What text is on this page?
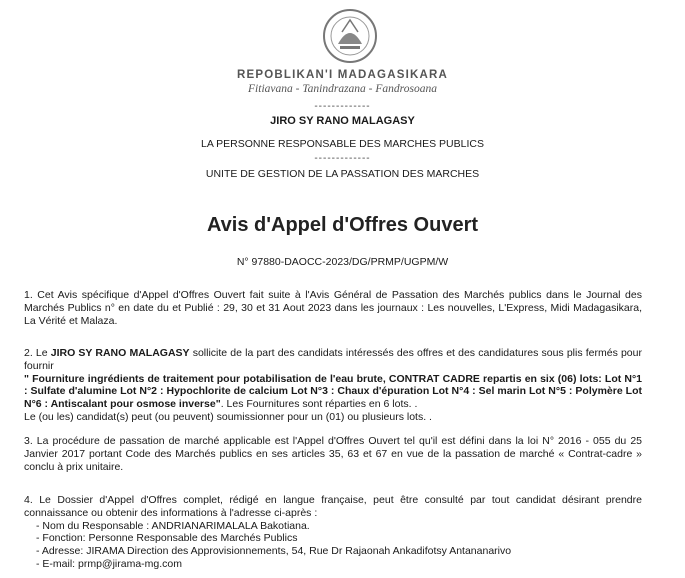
REPOBLIKAN'I MADAGASIKARA
Fitiavana - Tanindrazana - Fandrosoana
-------------
JIRO SY RANO MALAGASY
LA PERSONNE RESPONSABLE DES MARCHES PUBLICS
-------------
UNITE DE GESTION DE LA PASSATION DES MARCHES
Avis d'Appel d'Offres Ouvert
N° 97880-DAOCC-2023/DG/PRMP/UGPM/W
1. Cet Avis spécifique d'Appel d'Offres Ouvert fait suite à l'Avis Général de Passation des Marchés publics dans le Journal des Marchés Publics n° en date du et Publié : 29, 30 et 31 Aout 2023 dans les journaux : Les nouvelles, L'Express, Midi Madagasikara, La Vérité et Malaza.
2. Le JIRO SY RANO MALAGASY sollicite de la part des candidats intéressés des offres et des candidatures sous plis fermés pour fournir
" Fourniture ingrédients de traitement pour potabilisation de l'eau brute, CONTRAT CADRE repartis en six (06) lots: Lot N°1 : Sulfate d'alumine Lot N°2 : Hypochlorite de calcium Lot N°3 : Chaux d'épuration Lot N°4 : Sel marin Lot N°5 : Polymère Lot N°6 : Antiscalant pour osmose inverse". Les Fournitures sont réparties en 6 lots. .
Le (ou les) candidat(s) peut (ou peuvent) soumissionner pour un (01) ou plusieurs lots. .
3. La procédure de passation de marché applicable est l'Appel d'Offres Ouvert tel qu'il est défini dans la loi N° 2016 - 055 du 25 Janvier 2017 portant Code des Marchés publics en ses articles 35, 63 et 67 en vue de la passation de marché « Contrat-cadre » conclu à prix unitaire.
4. Le Dossier d'Appel d'Offres complet, rédigé en langue française, peut être consulté par tout candidat désirant prendre connaissance ou obtenir des informations à l'adresse ci-après :
- Nom du Responsable : ANDRIANARIMALALA Bakotiana.
- Fonction: Personne Responsable des Marchés Publics
- Adresse: JIRAMA Direction des Approvisionnements, 54, Rue Dr Rajaonah Ankadifotsy Antananarivo
- E-mail: prmp@jirama-mg.com
